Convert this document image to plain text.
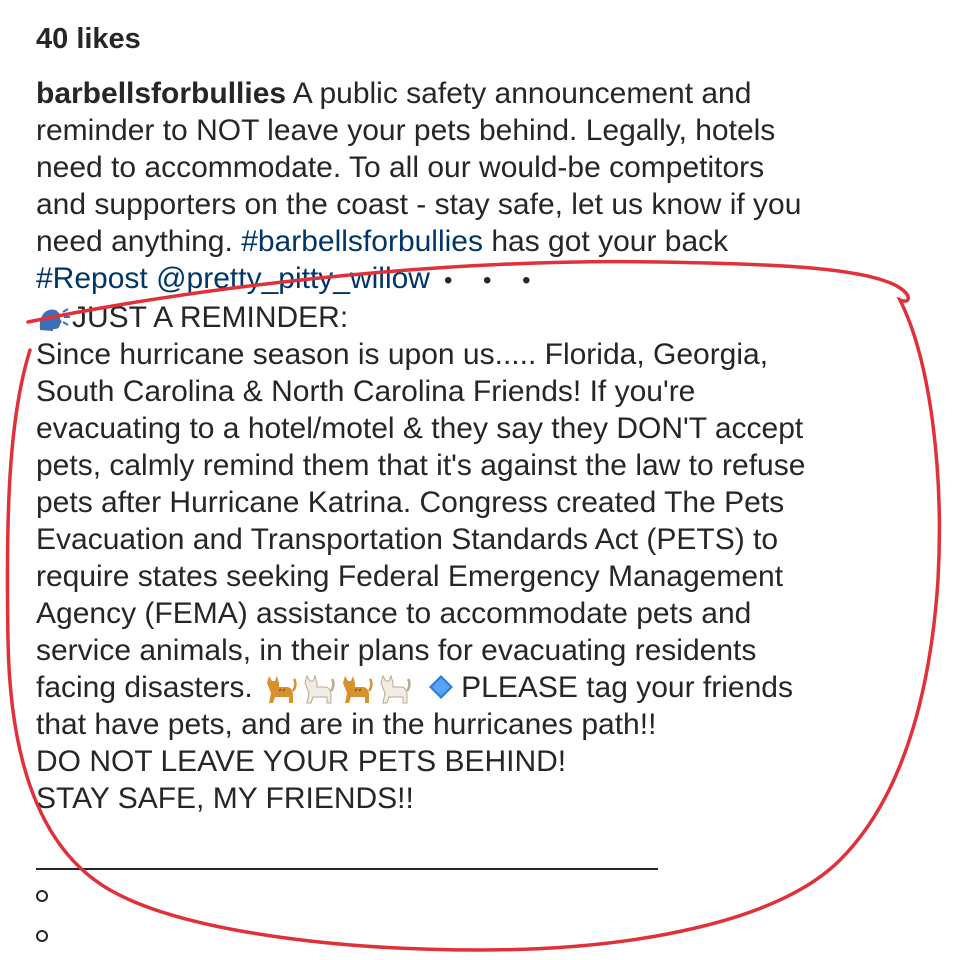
40 likes
barbellsforbullies A public safety announcement and
reminder to NOT leave your pets behind. Legally, hotels
need to accommodate. To all our would-be competitors
and supporters on the coast - stay safe, let us know if you
need anything. #barbellsforbullies has got your back
#Repost @pretty_pitty_willow • • •
JUST A REMINDER:
Since hurricane season is upon us..... Florida, Georgia,
South Carolina & North Carolina Friends! If you're
evacuating to a hotel/motel & they say they DON'T accept
pets, calmly remind them that it's against the law to refuse
pets after Hurricane Katrina. Congress created The Pets
Evacuation and Transportation Standards Act (PETS) to
require states seeking Federal Emergency Management
Agency (FEMA) assistance to accommodate pets and
service animals, in their plans for evacuating residents
facing disasters.	PLEASE tag your friends
that have pets, and are in the hurricanes path!!
DO NOT LEAVE YOUR PETS BEHIND!
STAY SAFE, MY FRIENDS!!
